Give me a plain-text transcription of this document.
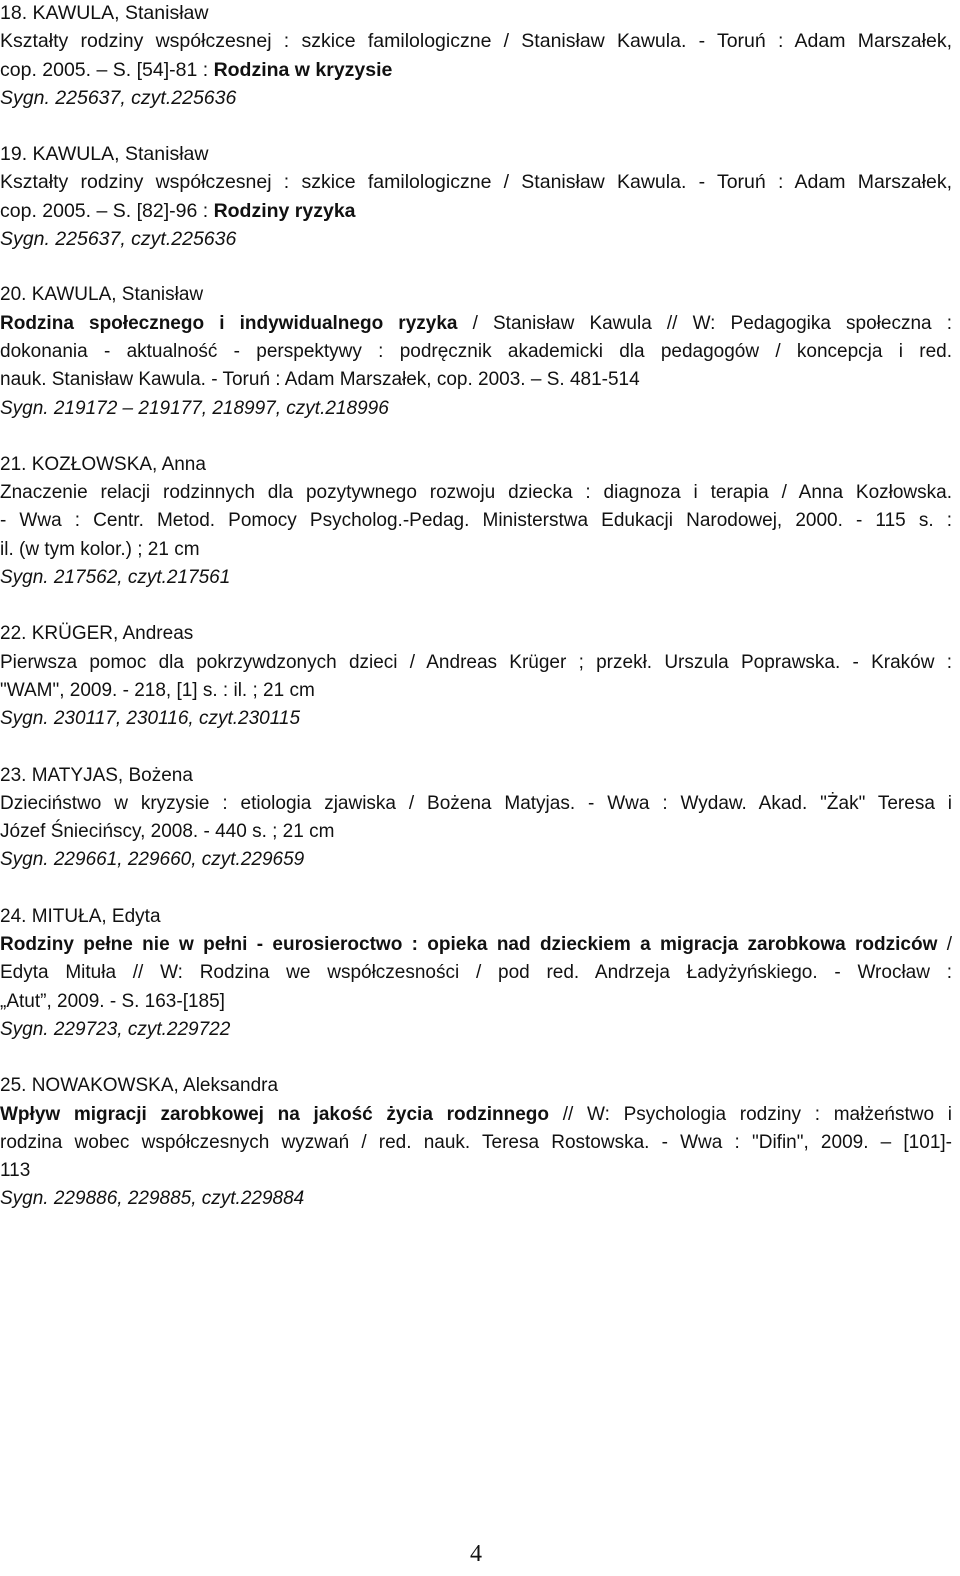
18. KAWULA, Stanisław
Kształty rodziny współczesnej : szkice familologiczne / Stanisław Kawula. - Toruń : Adam Marszałek,
cop. 2005. – S. [54]-81 : Rodzina w kryzysie
Sygn. 225637, czyt.225636
19. KAWULA, Stanisław
Kształty rodziny współczesnej : szkice familologiczne / Stanisław Kawula. - Toruń : Adam Marszałek,
cop. 2005. – S. [82]-96 : Rodziny ryzyka
Sygn. 225637, czyt.225636
20. KAWULA, Stanisław
Rodzina społecznego i indywidualnego ryzyka / Stanisław Kawula // W: Pedagogika społeczna :
dokonania - aktualność - perspektywy : podręcznik akademicki dla pedagogów / koncepcja i red.
nauk. Stanisław Kawula. - Toruń : Adam Marszałek, cop. 2003. – S. 481-514
Sygn. 219172 – 219177, 218997, czyt.218996
21. KOZŁOWSKA, Anna
Znaczenie relacji rodzinnych dla pozytywnego rozwoju dziecka : diagnoza i terapia / Anna Kozłowska.
- Wwa : Centr. Metod. Pomocy Psycholog.-Pedag. Ministerstwa Edukacji Narodowej, 2000. - 115 s. :
il. (w tym kolor.) ; 21 cm
Sygn. 217562, czyt.217561
22. KRÜGER, Andreas
Pierwsza pomoc dla pokrzywdzonych dzieci / Andreas Krüger ; przekł. Urszula Poprawska. - Kraków :
"WAM", 2009. - 218, [1] s. : il. ; 21 cm
Sygn. 230117, 230116, czyt.230115
23. MATYJAS, Bożena
Dzieciństwo w kryzysie : etiologia zjawiska / Bożena Matyjas. - Wwa : Wydaw. Akad. "Żak" Teresa i
Józef Śniecińscy, 2008. - 440 s. ; 21 cm
Sygn. 229661, 229660, czyt.229659
24. MITUŁA, Edyta
Rodziny pełne nie w pełni - eurosieroctwo : opieka nad dzieckiem a migracja zarobkowa rodziców /
Edyta Mituła // W: Rodzina we współczesności / pod red. Andrzeja Ładyżyńskiego. - Wrocław :
„Atut”, 2009. - S. 163-[185]
Sygn. 229723, czyt.229722
25. NOWAKOWSKA, Aleksandra
Wpływ migracji zarobkowej na jakość życia rodzinnego // W: Psychologia rodziny : małżeństwo i
rodzina wobec współczesnych wyzwań / red. nauk. Teresa Rostowska. - Wwa : "Difin", 2009. – [101]-
113
Sygn. 229886, 229885, czyt.229884
4
